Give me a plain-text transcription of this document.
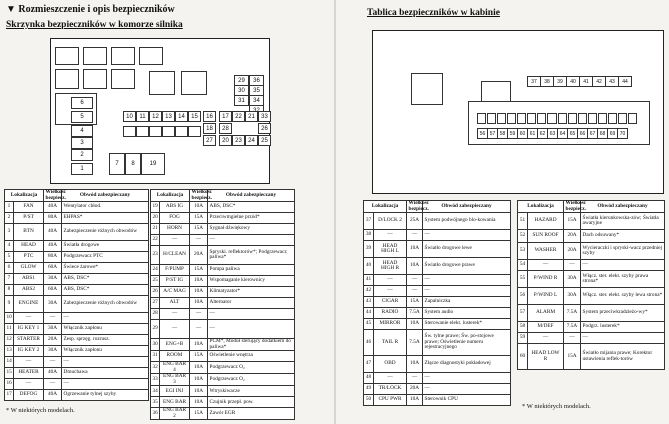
▼ Rozmieszczenie i opis bezpieczników
Skrzynka bezpieczników w komorze silnika
29	36
30	35
31	34
6
5	10	11	12	13	14	15	16	17	22	21
18	28
20	23	24	25
26
33
4
3
2
1
7	8	19
27
Lokalizacja		Wielkość bezpiecz.	Obwód zabezpieczany
1	FAN	40A	Wentylator chłod.
2	P/ST	80A	EHPAS*
3	BTN	40A	Zabezpieczenie różnych obwodów
4	HEAD	40A	Światła drogowe
5	PTC	80A	Podgrzewacz PTC
6	GLOW	60A	Świece żarowe*
7	ABS1	30A	ABS, DSC*
8	ABS2	60A	ABS, DSC*
9	ENGINE	30A	Zabezpieczenie różnych obwodów
10	—	—	—
11	IG KEY 1	30A	Włącznik zapłonu
12	STARTER	20A	Zesp. sprzęg. rozrusz.
13	IG KEY 2	30A	Włącznik zapłonu
14	—	—	—
15	HEATER	40A	Dmuchawa
16	—	—	—
17	DEFOG	40A	Ogrzewanie tylnej szyby
Lokalizacja		Wielkość bezpiecz.	Obwód zabezpieczany
19	ABS IG	10A	ABS, DSC*
20	FOG	15A	Przeciwmgielne przód*
21	HORN	15A	Sygnał dźwiękowy
22	—	—	—
23	H/CLEAN	20A	Spryski. reflektorów*; Podgrzewacz paliwa*
24	F/PUMP	15A	Pompa paliwa
25	P/ST IG	10A	Wspomaganie kierownicy
26	A/C MAG	10A	Klimatyzator*
27	ALT	10A	Alternator
28	—	—	—
29	—	—	—
30	ENG+B	10A	PCM*, Moduł sterujący dodatkiem do paliwa*
31	ROOM	15A	Oświetlenie wnętrza
32	ENG BAR 4	10A	Podgrzewacz O₂
33	ENG BAR 3	10A	Podgrzewacz O₂
34	EGI INJ	10A	Wtryskiwacze
35	ENG BAR	10A	Czujnik przepł. pow.
36	ENG BAR 2	15A	Zawór EGR
* W niektórych modelach.
Tablica bezpieczników w kabinie
37	38	39	40	41	42	43	44
56 57 58 59 60 61 62 63 64 65 66 67 68 69 70
Lokalizacja		Wielkość bezpiecz.	Obwód zabezpieczany
37	D/LOCK 2	25A	System podwójnego blo-kowania
38	—	—	—
39	HEAD HIGH L	10A	Światło drogowe lewe
40	HEAD HIGH R	10A	Światło drogowe prawe
41	—	—	—
42	—	—	—
43	CIGAR	15A	Zapalniczka
44	RADIO	7.5A	System audio
45	MIRROR	10A	Sterowanie elekt. lusterek*
46	TAIL R	7.5A	Św. tylne prawe; Św. po-stojowe prawe; Oświetlenie numeru rejestracyjnego
47	OBD	10A	Złącze diagnostyki pokładowej
48	—	—	—
49	TR/LOCK	20A	—
50	CPU PWR	10A	Sterownik CPU
Lokalizacja		Wielkość bezpiecz.	Obwód zabezpieczany
51	HAZARD	15A	Światła kierunkowska-zów; Światła awaryjne
52	SUN ROOF	20A	Dach odsuwany*
53	WASHER	20A	Wycieraczki i spryski-wacz przedniej szyby
54	—	—	—
55	P/WIND R	30A	Włącz. ster. elekt. szyby prawa strona*
56	P/WIND L	30A	Włącz. ster. elekt. szyby lewa strona*
57	ALARM	7.5A	System przeciwkradzieżo-wy*
58	M/DEF	7.5A	Podgrz. lusterek*
59	—	—	—
60	HEAD LOW R	15A	Światło mijania prawe; Korektor ustawienia reflek-torów
* W niektórych modelach.
